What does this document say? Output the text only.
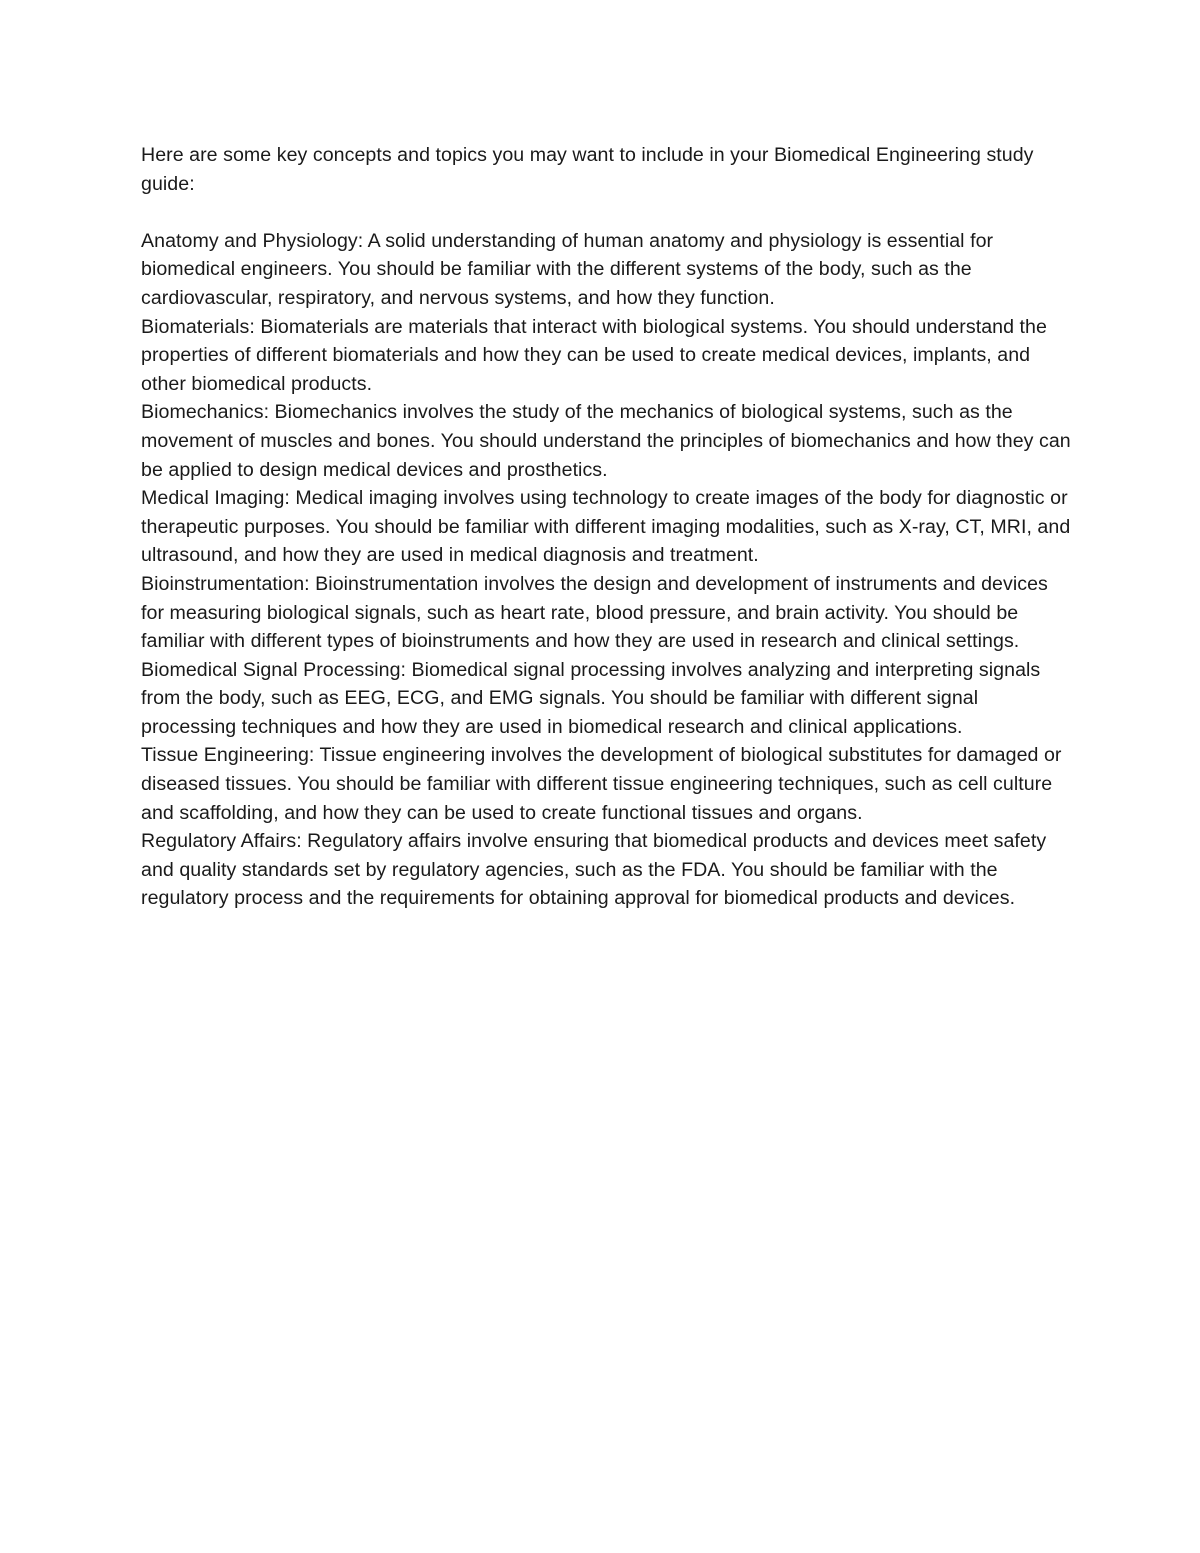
Here are some key concepts and topics you may want to include in your Biomedical Engineering study guide:

Anatomy and Physiology: A solid understanding of human anatomy and physiology is essential for biomedical engineers. You should be familiar with the different systems of the body, such as the cardiovascular, respiratory, and nervous systems, and how they function.

Biomaterials: Biomaterials are materials that interact with biological systems. You should understand the properties of different biomaterials and how they can be used to create medical devices, implants, and other biomedical products.

Biomechanics: Biomechanics involves the study of the mechanics of biological systems, such as the movement of muscles and bones. You should understand the principles of biomechanics and how they can be applied to design medical devices and prosthetics.

Medical Imaging: Medical imaging involves using technology to create images of the body for diagnostic or therapeutic purposes. You should be familiar with different imaging modalities, such as X-ray, CT, MRI, and ultrasound, and how they are used in medical diagnosis and treatment.

Bioinstrumentation: Bioinstrumentation involves the design and development of instruments and devices for measuring biological signals, such as heart rate, blood pressure, and brain activity. You should be familiar with different types of bioinstruments and how they are used in research and clinical settings.

Biomedical Signal Processing: Biomedical signal processing involves analyzing and interpreting signals from the body, such as EEG, ECG, and EMG signals. You should be familiar with different signal processing techniques and how they are used in biomedical research and clinical applications.

Tissue Engineering: Tissue engineering involves the development of biological substitutes for damaged or diseased tissues. You should be familiar with different tissue engineering techniques, such as cell culture and scaffolding, and how they can be used to create functional tissues and organs.

Regulatory Affairs: Regulatory affairs involve ensuring that biomedical products and devices meet safety and quality standards set by regulatory agencies, such as the FDA. You should be familiar with the regulatory process and the requirements for obtaining approval for biomedical products and devices.
